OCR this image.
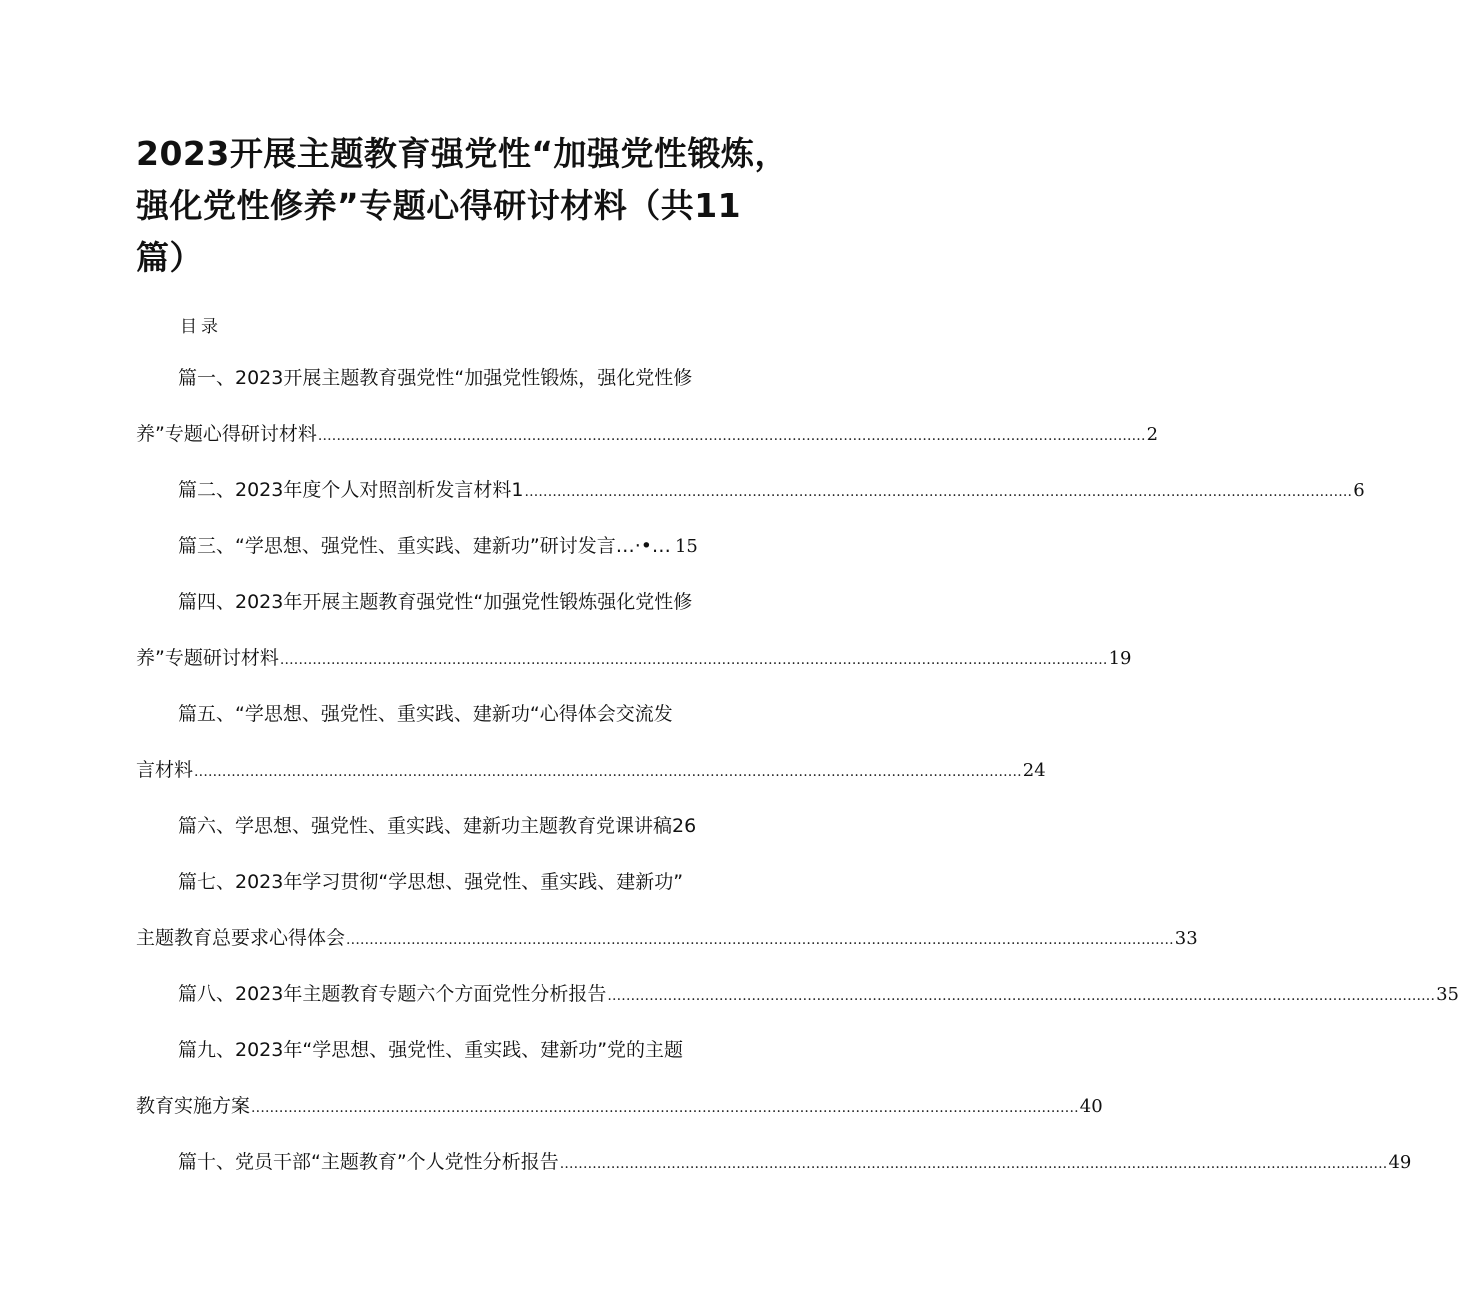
2023开展主题教育强党性“加强党性锻炼，
强化党性修养”专题心得研讨材料（共11
篇）
目录
篇一、2023开展主题教育强党性“加强党性锻炼，强化党性修
养”专题心得研讨材料 .................................................................................................................................................................................. 2
篇二、2023年度个人对照剖析发言材料1 .................................................................................................................................................................................. 6
篇三、“学思想、强党性、重实践、建新功”研讨发言…·•… 15
篇四、2023年开展主题教育强党性“加强党性锻炼强化党性修
养”专题研讨材料 .................................................................................................................................................................................. 19
篇五、“学思想、强党性、重实践、建新功“心得体会交流发
言材料 .................................................................................................................................................................................. 24
篇六、学思想、强党性、重实践、建新功主题教育党课讲稿26
篇七、2023年学习贯彻“学思想、强党性、重实践、建新功”
主题教育总要求心得体会 .................................................................................................................................................................................. 33
篇八、2023年主题教育专题六个方面党性分析报告 .................................................................................................................................................................................. 35
篇九、2023年“学思想、强党性、重实践、建新功”党的主题
教育实施方案 .................................................................................................................................................................................. 40
篇十、党员干部“主题教育”个人党性分析报告 .................................................................................................................................................................................. 49
